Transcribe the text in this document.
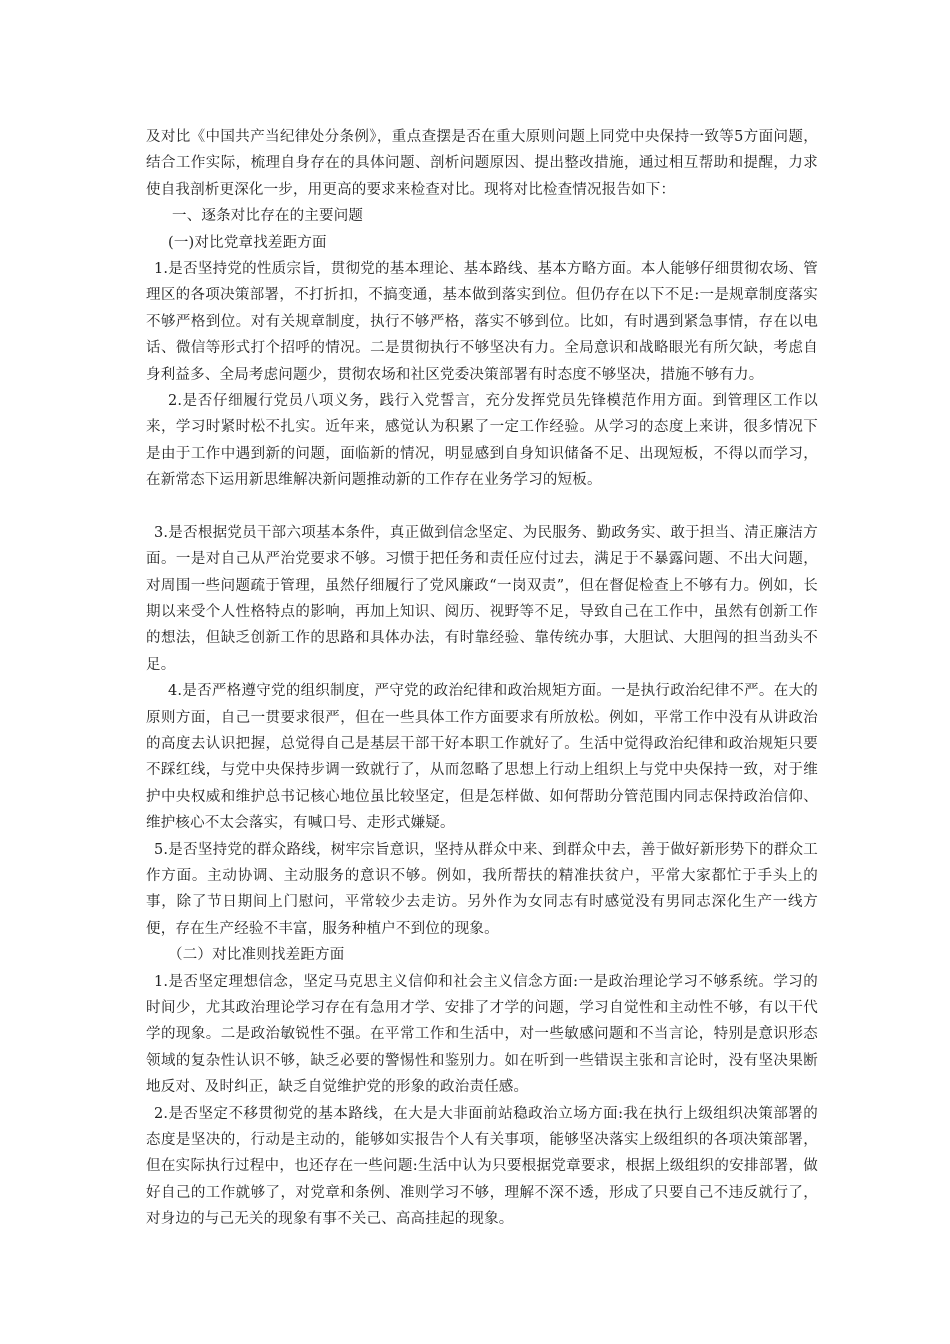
及对比《中国共产当纪律处分条例》，重点查摆是否在重大原则问题上同党中央保持一致等5方面问题，结合工作实际，梳理自身存在的具体问题、剖析问题原因、提出整改措施，通过相互帮助和提醒，力求使自我剖析更深化一步，用更高的要求来检查对比。现将对比检查情况报告如下：

一、逐条对比存在的主要问题

(一)对比党章找差距方面

1.是否坚持党的性质宗旨，贯彻党的基本理论、基本路线、基本方略方面。本人能够仔细贯彻农场、管理区的各项决策部署，不打折扣，不搞变通，基本做到落实到位。但仍存在以下不足:一是规章制度落实不够严格到位。对有关规章制度，执行不够严格，落实不够到位。比如，有时遇到紧急事情，存在以电话、微信等形式打个招呼的情况。二是贯彻执行不够坚决有力。全局意识和战略眼光有所欠缺，考虑自身利益多、全局考虑问题少，贯彻农场和社区党委决策部署有时态度不够坚决，措施不够有力。

2.是否仔细履行党员八项义务，践行入党誓言，充分发挥党员先锋模范作用方面。到管理区工作以来，学习时紧时松不扎实。近年来，感觉认为积累了一定工作经验。从学习的态度上来讲，很多情况下是由于工作中遇到新的问题，面临新的情况，明显感到自身知识储备不足、出现短板，不得以而学习，在新常态下运用新思维解决新问题推动新的工作存在业务学习的短板。

3.是否根据党员干部六项基本条件，真正做到信念坚定、为民服务、勤政务实、敢于担当、清正廉洁方面。一是对自己从严治党要求不够。习惯于把任务和责任应付过去，满足于不暴露问题、不出大问题，对周围一些问题疏于管理，虽然仔细履行了党风廉政“一岗双责”，但在督促检查上不够有力。例如，长期以来受个人性格特点的影响，再加上知识、阅历、视野等不足，导致自己在工作中，虽然有创新工作的想法，但缺乏创新工作的思路和具体办法，有时靠经验、靠传统办事，大胆试、大胆闯的担当劲头不足。

4.是否严格遵守党的组织制度，严守党的政治纪律和政治规矩方面。一是执行政治纪律不严。在大的原则方面，自己一贯要求很严，但在一些具体工作方面要求有所放松。例如，平常工作中没有从讲政治的高度去认识把握，总觉得自己是基层干部干好本职工作就好了。生活中觉得政治纪律和政治规矩只要不踩红线，与党中央保持步调一致就行了，从而忽略了思想上行动上组织上与党中央保持一致，对于维护中央权威和维护总书记核心地位虽比较坚定，但是怎样做、如何帮助分管范围内同志保持政治信仰、维护核心不太会落实，有喊口号、走形式嫌疑。

5.是否坚持党的群众路线，树牢宗旨意识，坚持从群众中来、到群众中去，善于做好新形势下的群众工作方面。主动协调、主动服务的意识不够。例如，我所帮扶的精准扶贫户，平常大家都忙于手头上的事，除了节日期间上门慰问，平常较少去走访。另外作为女同志有时感觉没有男同志深化生产一线方便，存在生产经验不丰富，服务种植户不到位的现象。

（二）对比准则找差距方面

1.是否坚定理想信念，坚定马克思主义信仰和社会主义信念方面:一是政治理论学习不够系统。学习的时间少，尤其政治理论学习存在有急用才学、安排了才学的问题，学习自觉性和主动性不够，有以干代学的现象。二是政治敏锐性不强。在平常工作和生活中，对一些敏感问题和不当言论，特别是意识形态领域的复杂性认识不够，缺乏必要的警惕性和鉴别力。如在听到一些错误主张和言论时，没有坚决果断地反对、及时纠正，缺乏自觉维护党的形象的政治责任感。

2.是否坚定不移贯彻党的基本路线，在大是大非面前站稳政治立场方面:我在执行上级组织决策部署的态度是坚决的，行动是主动的，能够如实报告个人有关事项，能够坚决落实上级组织的各项决策部署，但在实际执行过程中，也还存在一些问题:生活中认为只要根据党章要求，根据上级组织的安排部署，做好自己的工作就够了，对党章和条例、准则学习不够，理解不深不透，形成了只要自己不违反就行了，对身边的与己无关的现象有事不关己、高高挂起的现象。
